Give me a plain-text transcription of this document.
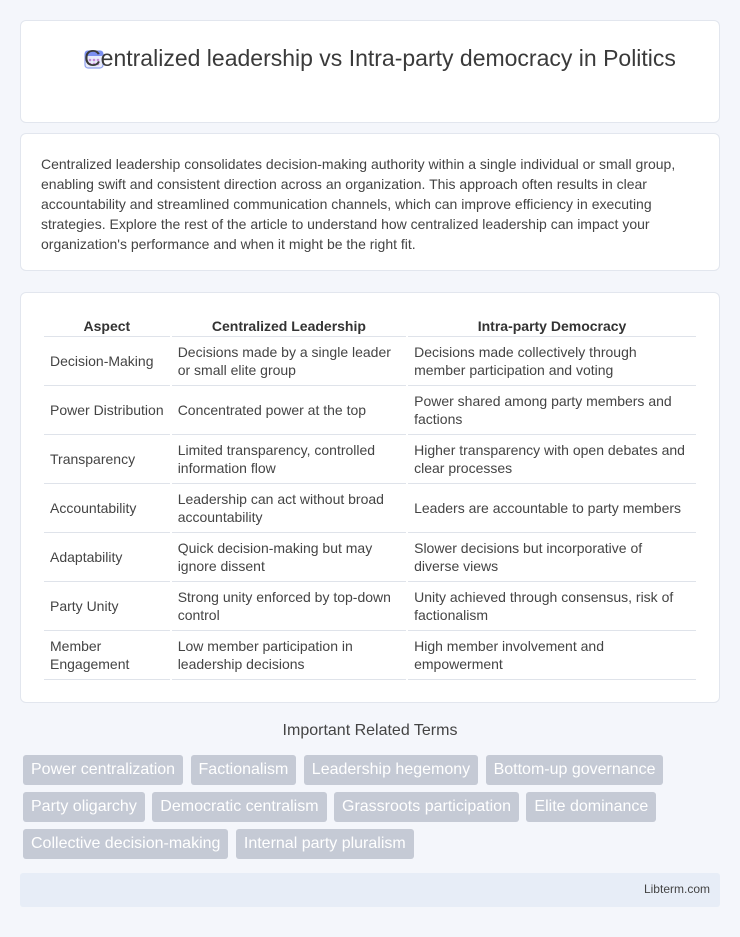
Centralized leadership vs Intra-party democracy in Politics

Centralized leadership consolidates decision-making authority within a single individual or small group, enabling swift and consistent direction across an organization. This approach often results in clear accountability and streamlined communication channels, which can improve efficiency in executing strategies. Explore the rest of the article to understand how centralized leadership can impact your organization's performance and when it might be the right fit.

Aspect	Centralized Leadership	Intra-party Democracy
Decision-Making	Decisions made by a single leader or small elite group	Decisions made collectively through member participation and voting
Power Distribution	Concentrated power at the top	Power shared among party members and factions
Transparency	Limited transparency, controlled information flow	Higher transparency with open debates and clear processes
Accountability	Leadership can act without broad accountability	Leaders are accountable to party members
Adaptability	Quick decision-making but may ignore dissent	Slower decisions but incorporative of diverse views
Party Unity	Strong unity enforced by top-down control	Unity achieved through consensus, risk of factionalism
Member Engagement	Low member participation in leadership decisions	High member involvement and empowerment
Important Related Terms
Power centralization Factionalism Leadership hegemony Bottom-up governance Party oligarchy Democratic centralism Grassroots participation Elite dominance Collective decision-making Internal party pluralism
Libterm.com
